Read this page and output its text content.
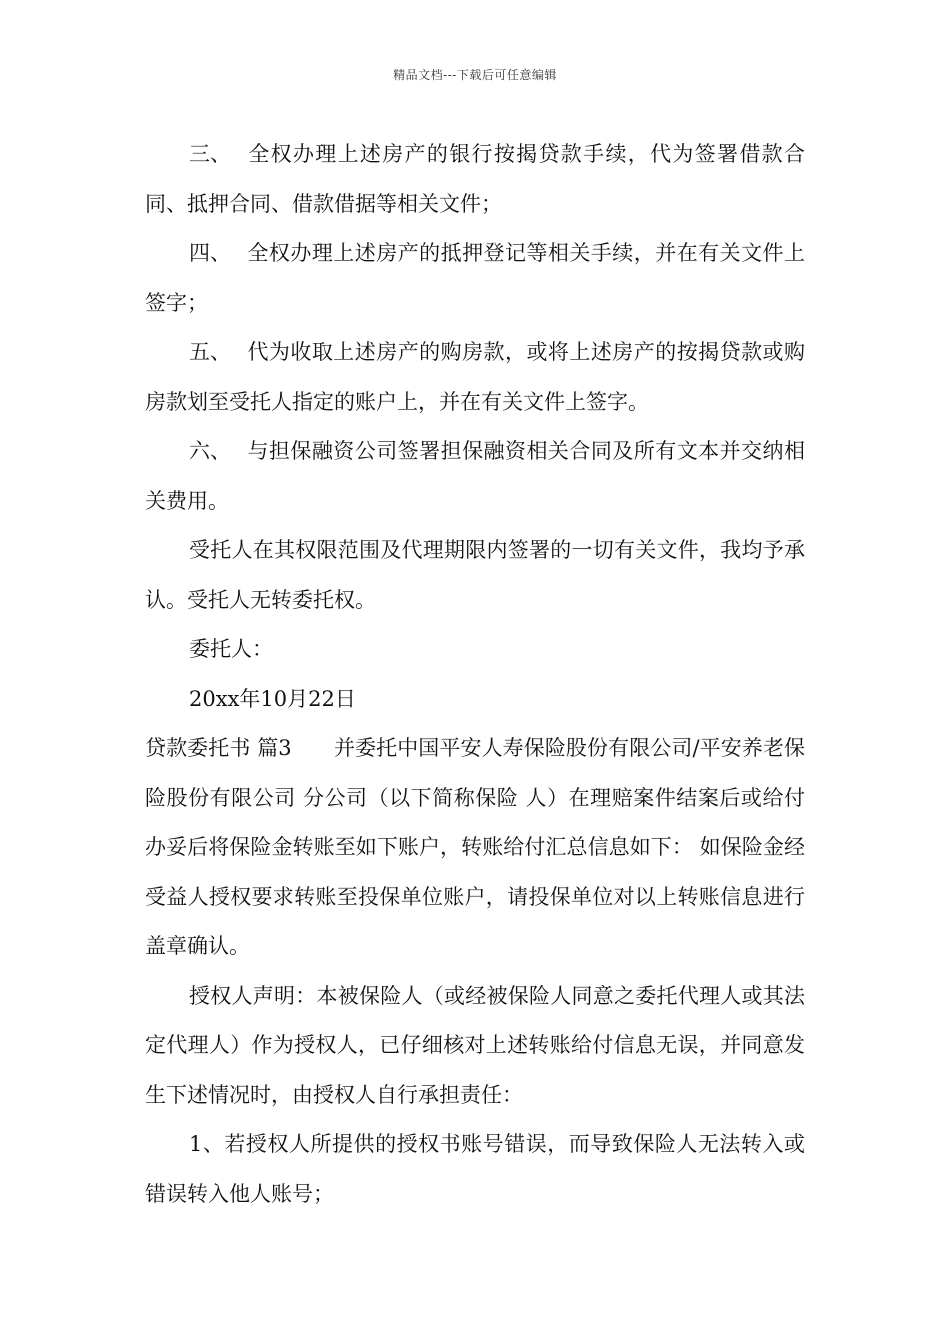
精品文档---下载后可任意编辑

三、 全权办理上述房产的银行按揭贷款手续，代为签署借款合同、抵押合同、借款借据等相关文件；

四、 全权办理上述房产的抵押登记等相关手续，并在有关文件上签字；

五、 代为收取上述房产的购房款，或将上述房产的按揭贷款或购房款划至受托人指定的账户上，并在有关文件上签字。

六、 与担保融资公司签署担保融资相关合同及所有文本并交纳相关费用。

受托人在其权限范围及代理期限内签署的一切有关文件，我均予承认。受托人无转委托权。

委托人：

20xx年10月22日

贷款委托书 篇3　　并委托中国平安人寿保险股份有限公司/平安养老保险股份有限公司 分公司（以下简称保险 人）在理赔案件结案后或给付办妥后将保险金转账至如下账户，转账给付汇总信息如下： 如保险金经受益人授权要求转账至投保单位账户，请投保单位对以上转账信息进行盖章确认。

授权人声明：本被保险人（或经被保险人同意之委托代理人或其法定代理人）作为授权人，已仔细核对上述转账给付信息无误，并同意发生下述情况时，由授权人自行承担责任：

1、若授权人所提供的授权书账号错误，而导致保险人无法转入或错误转入他人账号；
